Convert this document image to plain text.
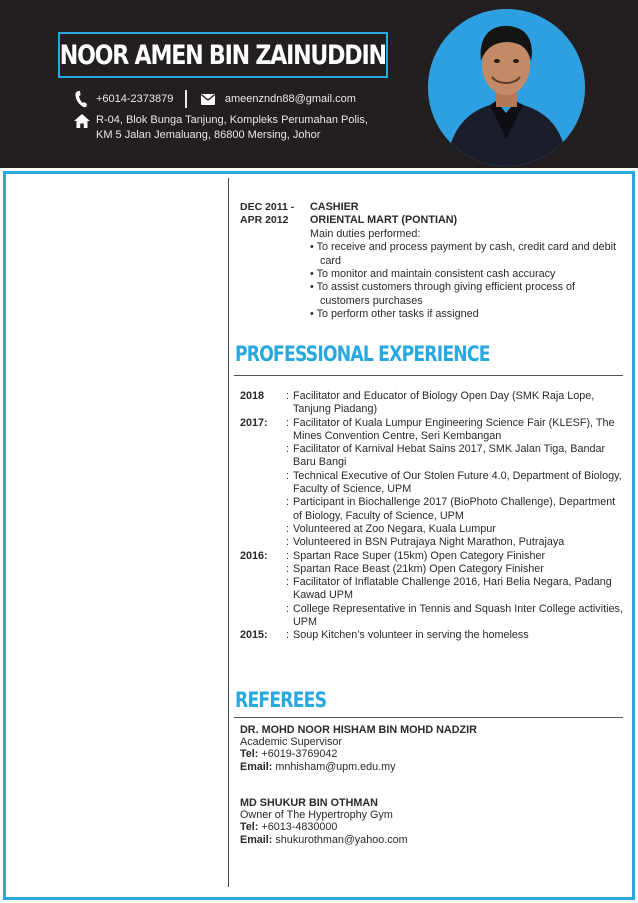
NOOR AMEN BIN ZAINUDDIN
+6014-2373879	ameenzndn88@gmail.com
R-04, Blok Bunga Tanjung, Kompleks Perumahan Polis,
KM 5 Jalan Jemaluang, 86800 Mersing, Johor
DEC 2011 -
APR 2012
CASHIER
ORIENTAL MART (PONTIAN)
Main duties performed:
• To receive and process payment by cash, credit card and debit card
• To monitor and maintain consistent cash accuracy
• To assist customers through giving efficient process of customers purchases
• To perform other tasks if assigned
PROFESSIONAL EXPERIENCE
2018	: Facilitator and Educator of Biology Open Day (SMK Raja Lope, Tanjung Piadang)
2017:	: Facilitator of Kuala Lumpur Engineering Science Fair (KLESF), The Mines Convention Centre, Seri Kembangan
: Facilitator of Karnival Hebat Sains 2017, SMK Jalan Tiga, Bandar Baru Bangi
: Technical Executive of Our Stolen Future 4.0, Department of Biology, Faculty of Science, UPM
: Participant in Biochallenge 2017 (BioPhoto Challenge), Department of Biology, Faculty of Science, UPM
: Volunteered at Zoo Negara, Kuala Lumpur
: Volunteered in BSN Putrajaya Night Marathon, Putrajaya
2016:	: Spartan Race Super (15km) Open Category Finisher
: Spartan Race Beast (21km) Open Category Finisher
: Facilitator of Inflatable Challenge 2016, Hari Belia Negara, Padang Kawad UPM
: College Representative in Tennis and Squash Inter College activities, UPM
2015:	: Soup Kitchen’s volunteer in serving the homeless
REFEREES
DR. MOHD NOOR HISHAM BIN MOHD NADZIR
Academic Supervisor
Tel: +6019-3769042
Email: mnhisham@upm.edu.my
MD SHUKUR BIN OTHMAN
Owner of The Hypertrophy Gym
Tel: +6013-4830000
Email: shukurothman@yahoo.com
